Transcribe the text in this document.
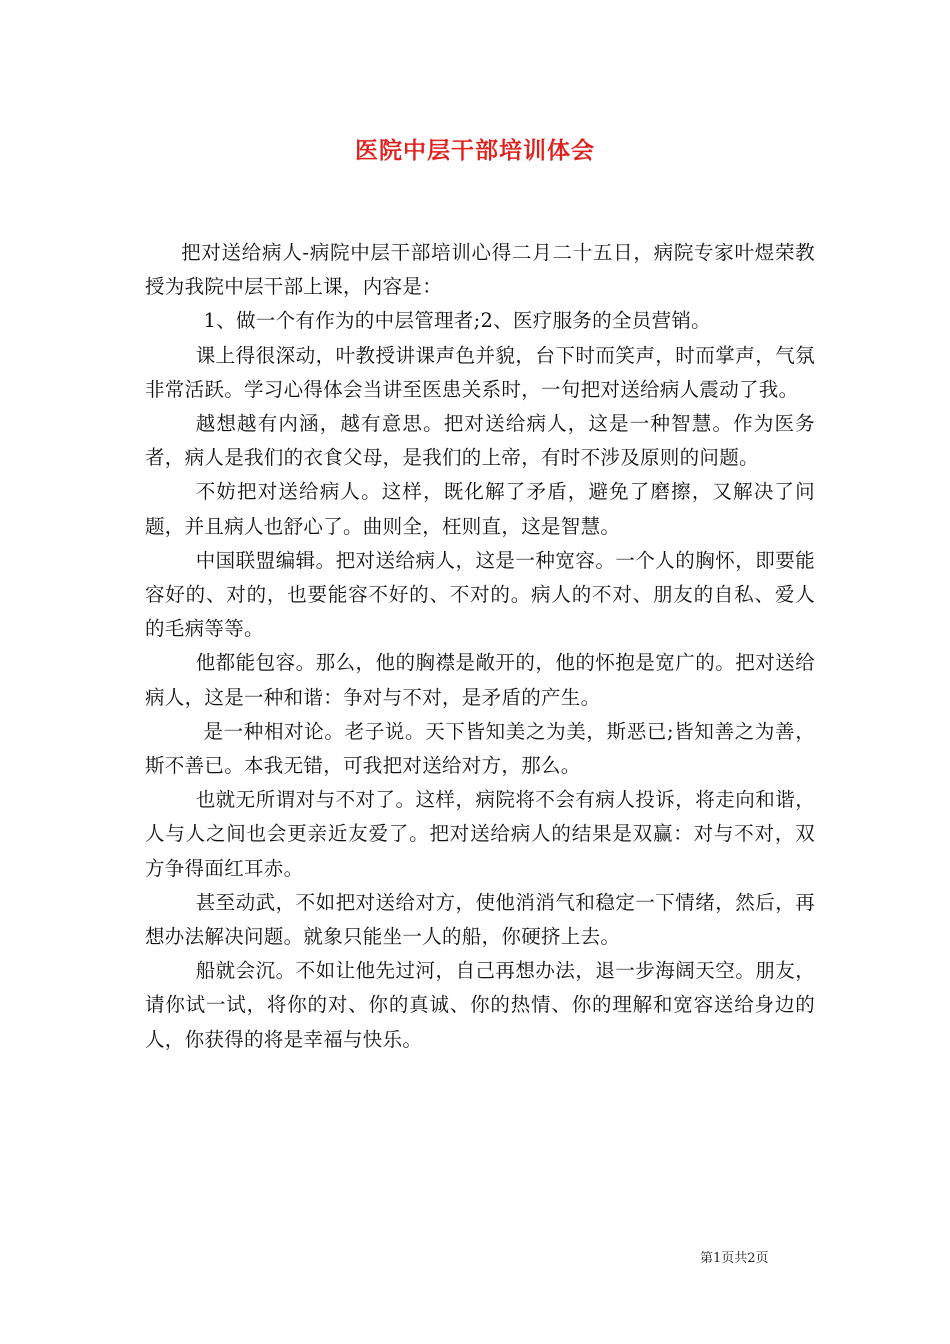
医院中层干部培训体会

把对送给病人-病院中层干部培训心得二月二十五日，病院专家叶煜荣教授为我院中层干部上课，内容是：

1、做一个有作为的中层管理者;2、医疗服务的全员营销。

课上得很深动，叶教授讲课声色并貌，台下时而笑声，时而掌声，气氛非常活跃。学习心得体会当讲至医患关系时，一句把对送给病人震动了我。

越想越有内涵，越有意思。把对送给病人，这是一种智慧。作为医务者，病人是我们的衣食父母，是我们的上帝，有时不涉及原则的问题。

不妨把对送给病人。这样，既化解了矛盾，避免了磨擦，又解决了问题，并且病人也舒心了。曲则全，枉则直，这是智慧。

中国联盟编辑。把对送给病人，这是一种宽容。一个人的胸怀，即要能容好的、对的，也要能容不好的、不对的。病人的不对、朋友的自私、爱人的毛病等等。

他都能包容。那么，他的胸襟是敞开的，他的怀抱是宽广的。把对送给病人，这是一种和谐：争对与不对，是矛盾的产生。

是一种相对论。老子说。天下皆知美之为美，斯恶已;皆知善之为善，斯不善已。本我无错，可我把对送给对方，那么。

也就无所谓对与不对了。这样，病院将不会有病人投诉，将走向和谐，人与人之间也会更亲近友爱了。把对送给病人的结果是双赢：对与不对，双方争得面红耳赤。

甚至动武，不如把对送给对方，使他消消气和稳定一下情绪，然后，再想办法解决问题。就象只能坐一人的船，你硬挤上去。

船就会沉。不如让他先过河，自己再想办法，退一步海阔天空。朋友，请你试一试，将你的对、你的真诚、你的热情、你的理解和宽容送给身边的人，你获得的将是幸福与快乐。

第1页共2页
